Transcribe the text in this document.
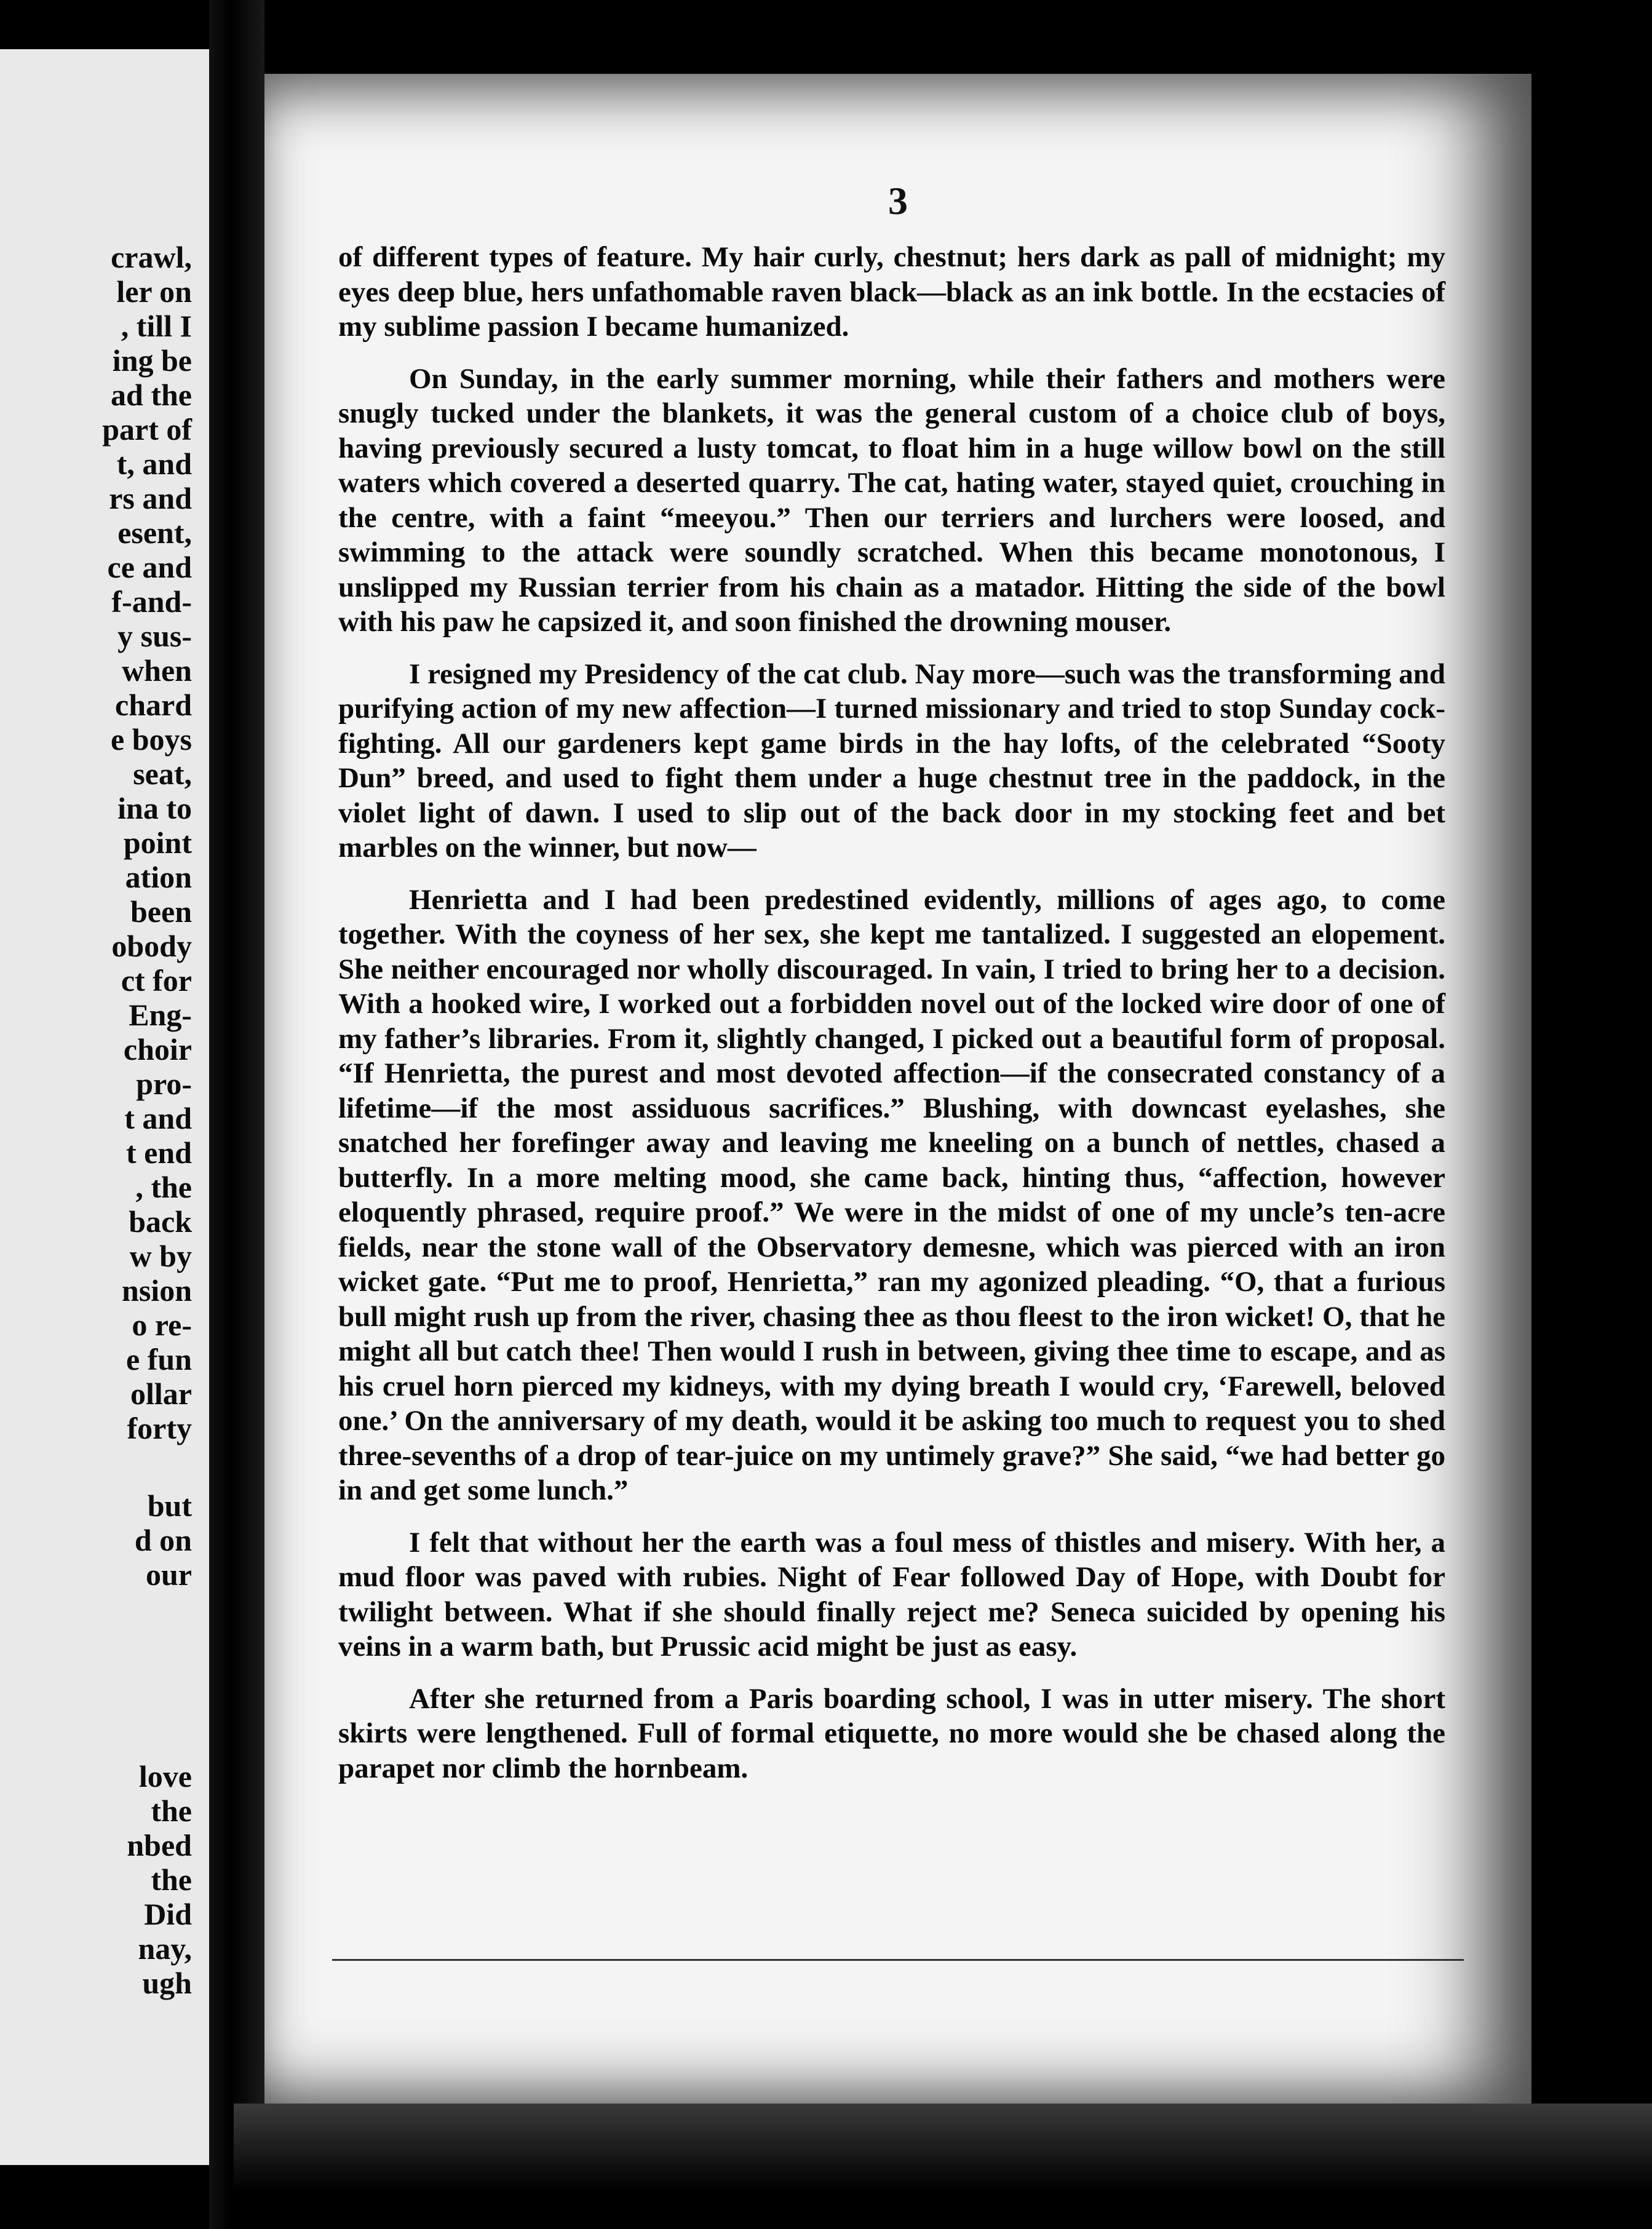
crawl,

ler on

, till I

ing be

ad the

part of

t, and

rs and

esent,

ce and

f-and-

y sus-

when

chard

e boys

seat,

ina to

point

ation

been

obody

ct for

Eng-

choir

pro-

t and

t end

, the

back

w by

nsion

o re-

e fun

ollar

forty

but

d on

our

love

the

nbed

the

Did

nay,

ugh

3

of different types of feature. My hair curly, chestnut; hers dark as pall of midnight; my eyes deep blue, hers unfathomable raven black—black as an ink bottle. In the ecstacies of my sublime passion I became humanized.

On Sunday, in the early summer morning, while their fathers and mothers were snugly tucked under the blankets, it was the general custom of a choice club of boys, having previously secured a lusty tomcat, to float him in a huge willow bowl on the still waters which covered a deserted quarry. The cat, hating water, stayed quiet, crouching in the centre, with a faint “meeyou.” Then our terriers and lurchers were loosed, and swimming to the attack were soundly scratched. When this became monotonous, I unslipped my Russian terrier from his chain as a matador. Hitting the side of the bowl with his paw he capsized it, and soon finished the drowning mouser.

I resigned my Presidency of the cat club. Nay more—such was the transforming and purifying action of my new affection—I turned missionary and tried to stop Sunday cock-fighting. All our gardeners kept game birds in the hay lofts, of the celebrated “Sooty Dun” breed, and used to fight them under a huge chestnut tree in the paddock, in the violet light of dawn. I used to slip out of the back door in my stocking feet and bet marbles on the winner, but now—

Henrietta and I had been predestined evidently, millions of ages ago, to come together. With the coyness of her sex, she kept me tantalized. I suggested an elopement. She neither encouraged nor wholly discouraged. In vain, I tried to bring her to a decision. With a hooked wire, I worked out a forbidden novel out of the locked wire door of one of my father’s libraries. From it, slightly changed, I picked out a beautiful form of proposal. “If Henrietta, the purest and most devoted affection—if the consecrated constancy of a lifetime—if the most assiduous sacrifices.” Blushing, with downcast eyelashes, she snatched her forefinger away and leaving me kneeling on a bunch of nettles, chased a butterfly. In a more melting mood, she came back, hinting thus, “affection, however eloquently phrased, require proof.” We were in the midst of one of my uncle’s ten-acre fields, near the stone wall of the Observatory demesne, which was pierced with an iron wicket gate. “Put me to proof, Henrietta,” ran my agonized pleading. “O, that a furious bull might rush up from the river, chasing thee as thou fleest to the iron wicket! O, that he might all but catch thee! Then would I rush in between, giving thee time to escape, and as his cruel horn pierced my kidneys, with my dying breath I would cry, ‘Farewell, beloved one.’ On the anniversary of my death, would it be asking too much to request you to shed three-sevenths of a drop of tear-juice on my untimely grave?” She said, “we had better go in and get some lunch.”

I felt that without her the earth was a foul mess of thistles and misery. With her, a mud floor was paved with rubies. Night of Fear followed Day of Hope, with Doubt for twilight between. What if she should finally reject me? Seneca suicided by opening his veins in a warm bath, but Prussic acid might be just as easy.

After she returned from a Paris boarding school, I was in utter misery. The short skirts were lengthened. Full of formal etiquette, no more would she be chased along the parapet nor climb the hornbeam.
